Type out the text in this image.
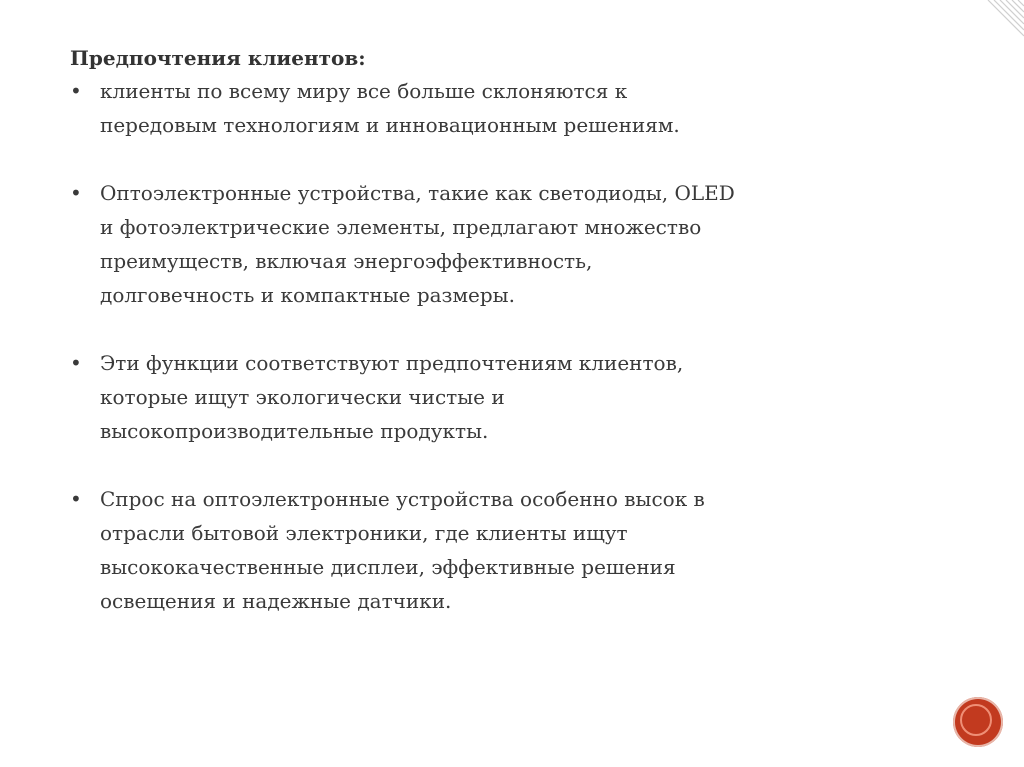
Предпочтения клиентов:
• клиенты по всему миру все больше склоняются к
передовым технологиям и инновационным решениям.
• Оптоэлектронные устройства, такие как светодиоды, OLED
и фотоэлектрические элементы, предлагают множество
преимуществ, включая энергоэффективность,
долговечность и компактные размеры.
• Эти функции соответствуют предпочтениям клиентов,
которые ищут экологически чистые и
высокопроизводительные продукты.
• Спрос на оптоэлектронные устройства особенно высок в
отрасли бытовой электроники, где клиенты ищут
высококачественные дисплеи, эффективные решения
освещения и надежные датчики.
